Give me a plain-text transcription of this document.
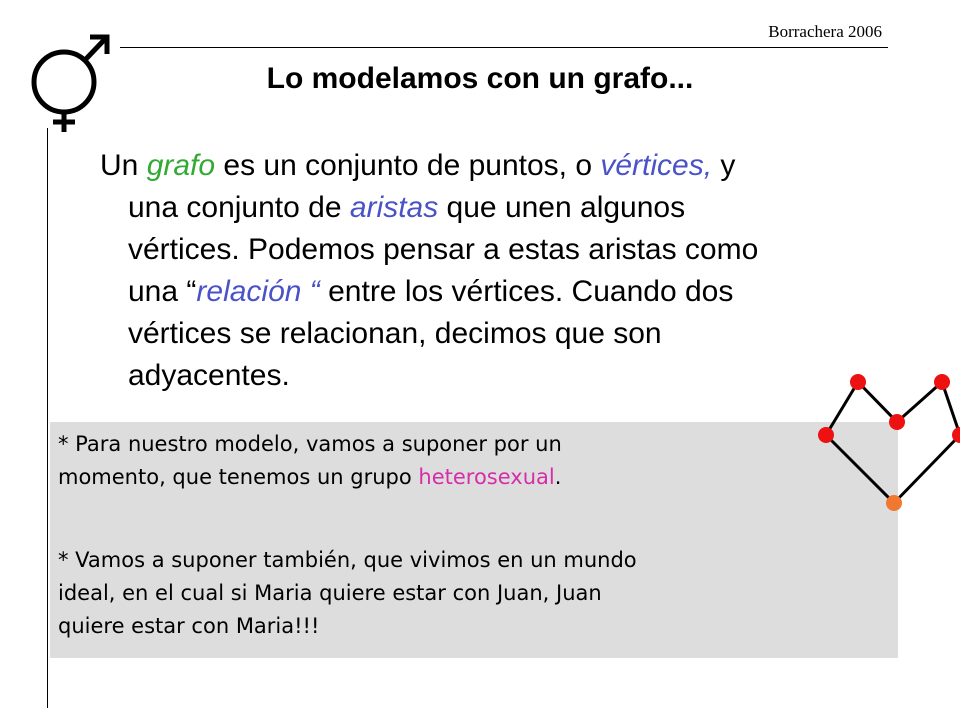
Borrachera 2006
Lo modelamos con un grafo...
Un grafo es un conjunto de puntos, o vértices, y
una conjunto de aristas que unen algunos
vértices. Podemos pensar a estas aristas como
una “relación “ entre los vértices. Cuando dos
vértices se relacionan, decimos que son
adyacentes.
* Para nuestro modelo, vamos a suponer por un
momento, que tenemos un grupo heterosexual.
* Vamos a suponer también, que vivimos en un mundo
ideal, en el cual si Maria quiere estar con Juan, Juan
quiere estar con Maria!!!
